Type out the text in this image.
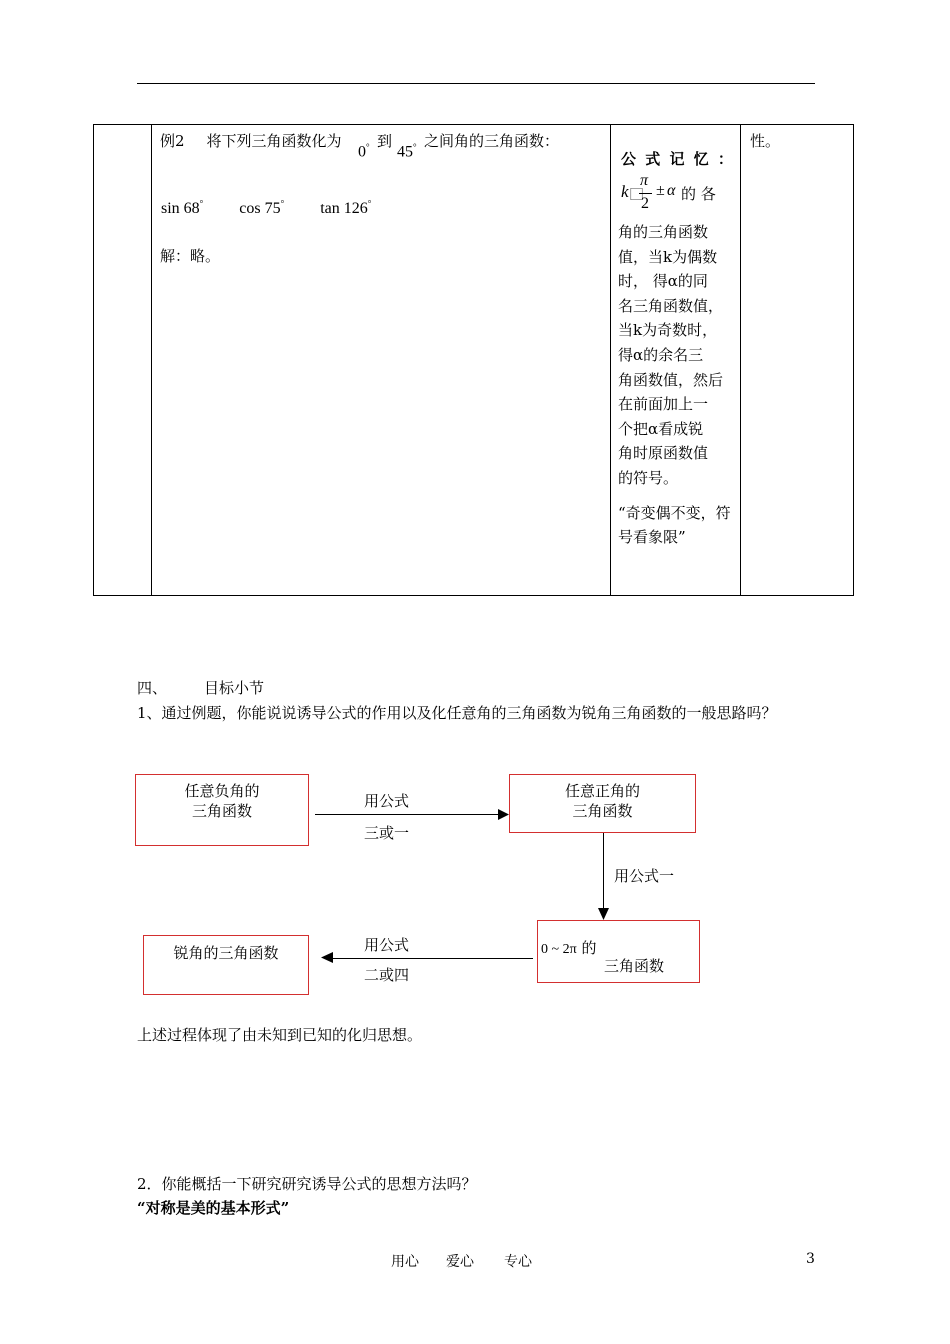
例2 将下列三角函数化为
0° 到
45° 之间角的三角函数：
sin 68° cos 75° tan 126°
解：略。
公 式 记 忆 ：
k ⃞
π
2
± α 的 各
角的三角函数
值，当k为偶数
时， 得α的同
名三角函数值，
当k为奇数时，
得α的余名三
角函数值，然后
在前面加上一
个把α看成锐
角时原函数值
的符号。
“奇变偶不变，符号看象限”
性。
四、 目标小节
1、通过例题，你能说说诱导公式的作用以及化任意角的三角函数为锐角三角函数的一般思路吗？
任意负角的
三角函数
任意正角的
三角函数
0 ~ 2π 的
三角函数
锐角的三角函数
用公式
三或一
用公式一
用公式
二或四
上述过程体现了由未知到已知的化归思想。
2．你能概括一下研究研究诱导公式的思想方法吗？
“对称是美的基本形式”
用心 爱心 专心	3
